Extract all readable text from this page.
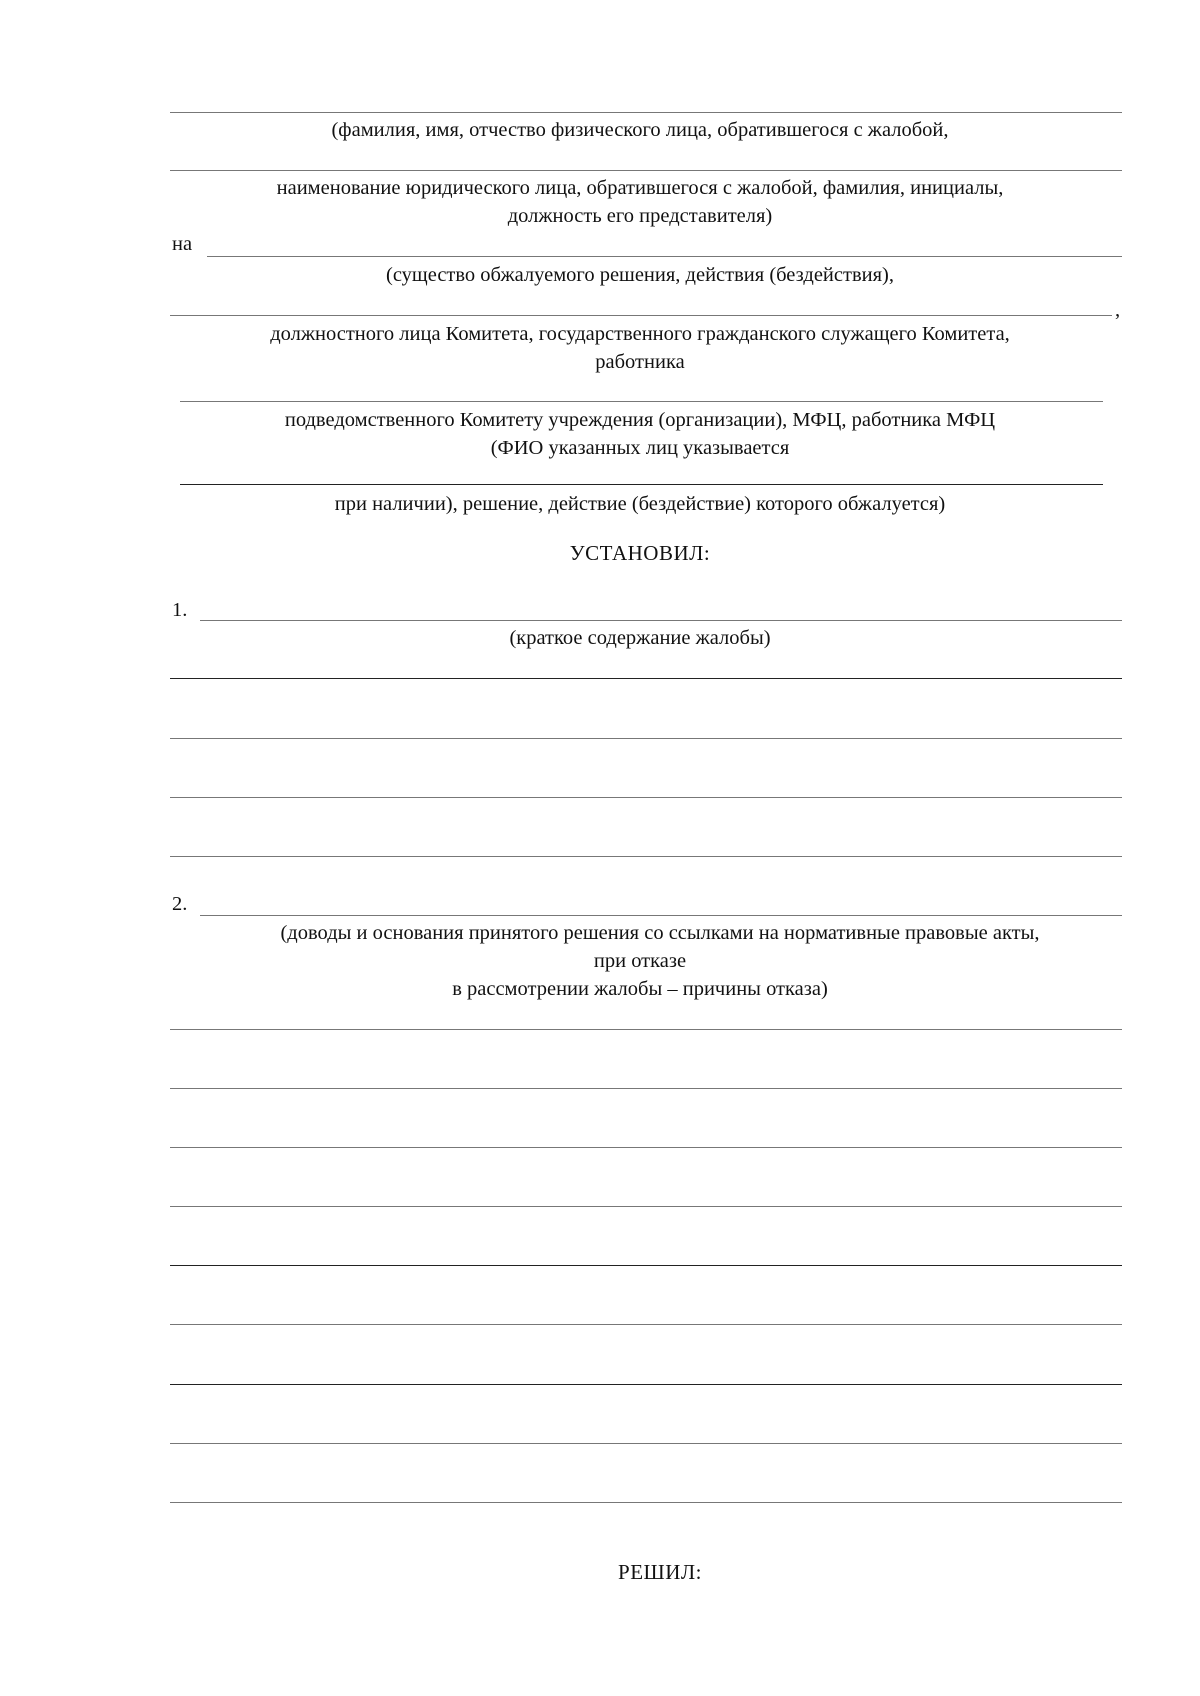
(фамилия, имя, отчество физического лица, обратившегося с жалобой,
наименование юридического лица, обратившегося с жалобой, фамилия, инициалы,
должность его представителя)
на
(существо обжалуемого решения, действия (бездействия),
,
должностного лица Комитета, государственного гражданского служащего Комитета,
работника
подведомственного Комитету учреждения (организации), МФЦ, работника МФЦ
(ФИО указанных лиц указывается
при наличии), решение, действие (бездействие) которого обжалуется)
УСТАНОВИЛ:
1.
(краткое содержание жалобы)
2.
(доводы и основания принятого решения со ссылками на нормативные правовые акты,
при отказе
в рассмотрении жалобы – причины отказа)
РЕШИЛ:
